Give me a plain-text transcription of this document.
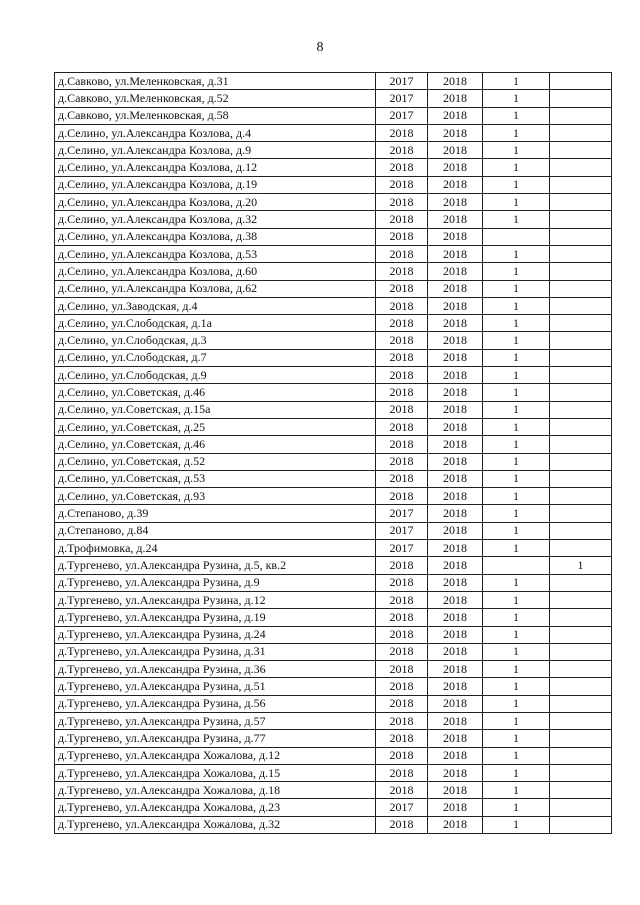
8
д.Савково, ул.Меленковская, д.31	2017	2018	1	
д.Савково, ул.Меленковская, д.52	2017	2018	1	
д.Савково, ул.Меленковская, д.58	2017	2018	1	
д.Селино, ул.Александра Козлова, д.4	2018	2018	1	
д.Селино, ул.Александра Козлова, д.9	2018	2018	1	
д.Селино, ул.Александра Козлова, д.12	2018	2018	1	
д.Селино, ул.Александра Козлова, д.19	2018	2018	1	
д.Селино, ул.Александра Козлова, д.20	2018	2018	1	
д.Селино, ул.Александра Козлова, д.32	2018	2018	1	
д.Селино, ул.Александра Козлова, д.38	2018	2018		
д.Селино, ул.Александра Козлова, д.53	2018	2018	1	
д.Селино, ул.Александра Козлова, д.60	2018	2018	1	
д.Селино, ул.Александра Козлова, д.62	2018	2018	1	
д.Селино, ул.Заводская, д.4	2018	2018	1	
д.Селино, ул.Слободская, д.1а	2018	2018	1	
д.Селино, ул.Слободская, д.3	2018	2018	1	
д.Селино, ул.Слободская, д.7	2018	2018	1	
д.Селино, ул.Слободская, д.9	2018	2018	1	
д.Селино, ул.Советская, д.46	2018	2018	1	
д.Селино, ул.Советская, д.15а	2018	2018	1	
д.Селино, ул.Советская, д.25	2018	2018	1	
д.Селино, ул.Советская, д.46	2018	2018	1	
д.Селино, ул.Советская, д.52	2018	2018	1	
д.Селино, ул.Советская, д.53	2018	2018	1	
д.Селино, ул.Советская, д.93	2018	2018	1	
д.Степаново, д.39	2017	2018	1	
д.Степаново, д.84	2017	2018	1	
д.Трофимовка, д.24	2017	2018	1	
д.Тургенево, ул.Александра Рузина, д.5, кв.2	2018	2018		1
д.Тургенево, ул.Александра Рузина, д.9	2018	2018	1	
д.Тургенево, ул.Александра Рузина, д.12	2018	2018	1	
д.Тургенево, ул.Александра Рузина, д.19	2018	2018	1	
д.Тургенево, ул.Александра Рузина, д.24	2018	2018	1	
д.Тургенево, ул.Александра Рузина, д.31	2018	2018	1	
д.Тургенево, ул.Александра Рузина, д.36	2018	2018	1	
д.Тургенево, ул.Александра Рузина, д.51	2018	2018	1	
д.Тургенево, ул.Александра Рузина, д.56	2018	2018	1	
д.Тургенево, ул.Александра Рузина, д.57	2018	2018	1	
д.Тургенево, ул.Александра Рузина, д.77	2018	2018	1	
д.Тургенево, ул.Александра Хожалова, д.12	2018	2018	1	
д.Тургенево, ул.Александра Хожалова, д.15	2018	2018	1	
д.Тургенево, ул.Александра Хожалова, д.18	2018	2018	1	
д.Тургенево, ул.Александра Хожалова, д.23	2017	2018	1	
д.Тургенево, ул.Александра Хожалова, д.32	2018	2018	1	
